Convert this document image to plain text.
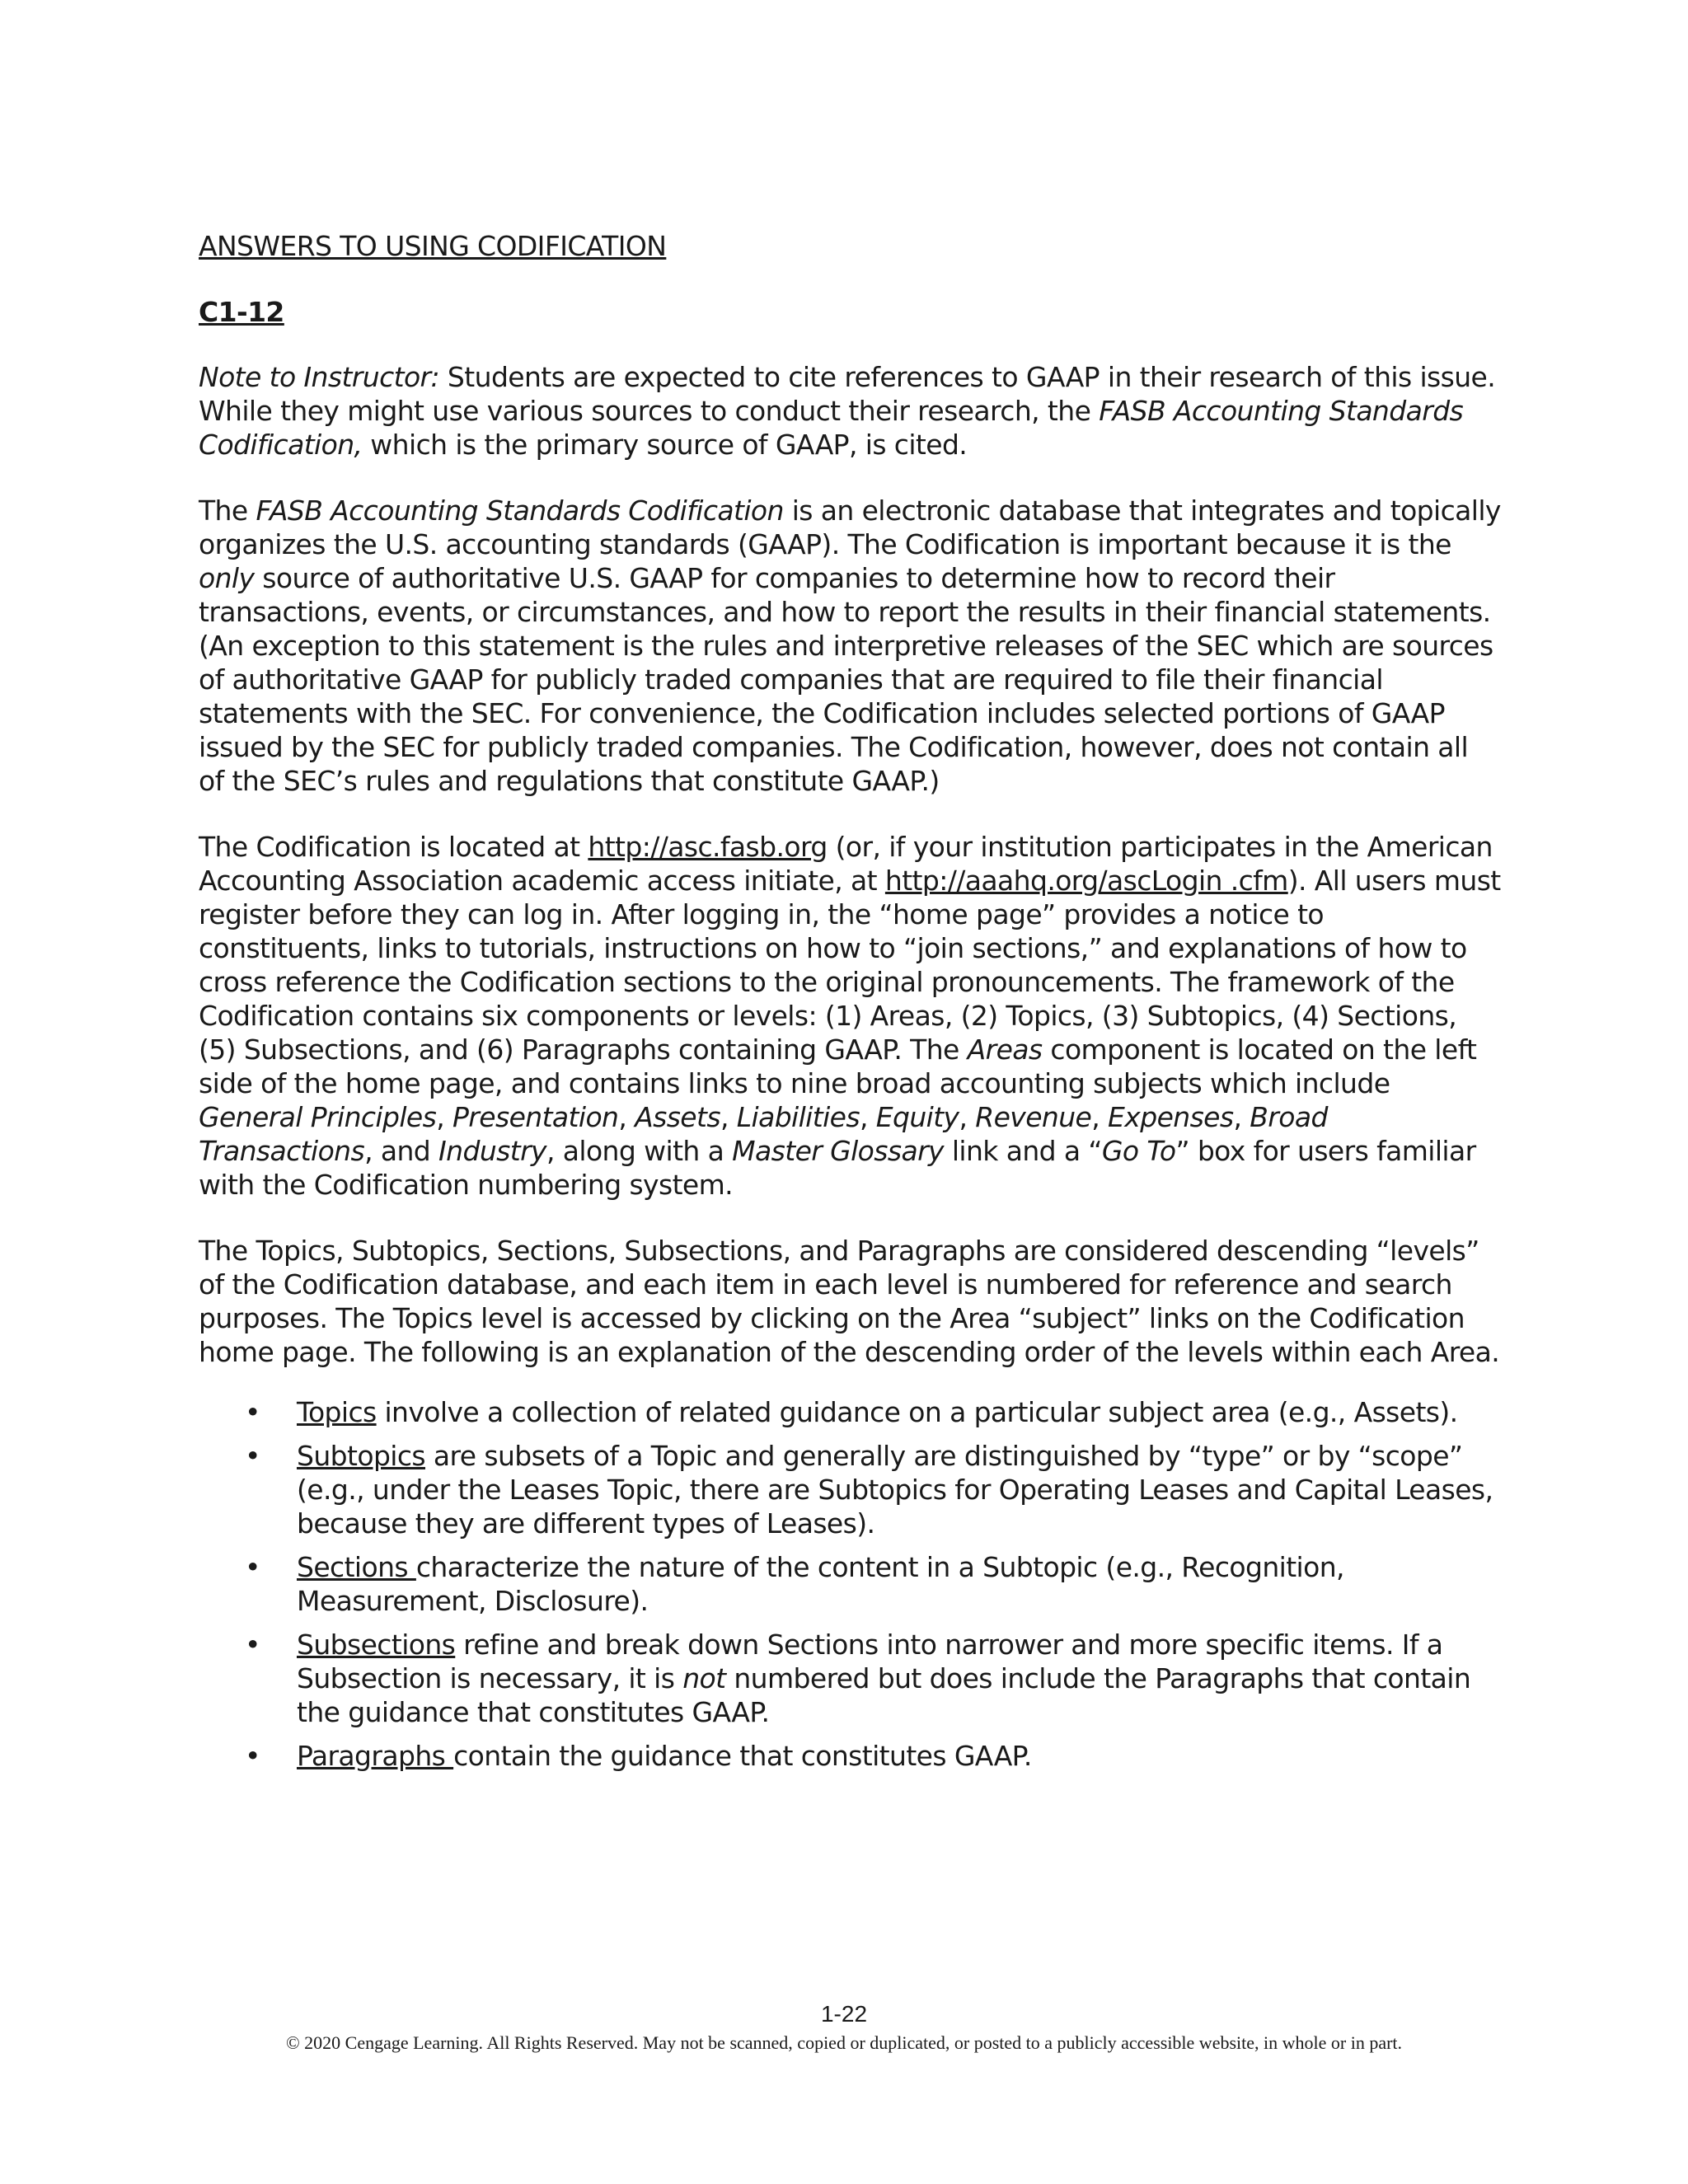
ANSWERS TO USING CODIFICATION

C1-12

Note to Instructor: Students are expected to cite references to GAAP in their research of this issue. While they might use various sources to conduct their research, the FASB Accounting Standards Codification, which is the primary source of GAAP, is cited.

The FASB Accounting Standards Codification is an electronic database that integrates and topically organizes the U.S. accounting standards (GAAP). The Codification is important because it is the only source of authoritative U.S. GAAP for companies to determine how to record their transactions, events, or circumstances, and how to report the results in their financial statements. (An exception to this statement is the rules and interpretive releases of the SEC which are sources of authoritative GAAP for publicly traded companies that are required to file their financial statements with the SEC. For convenience, the Codification includes selected portions of GAAP issued by the SEC for publicly traded companies. The Codification, however, does not contain all of the SEC’s rules and regulations that constitute GAAP.)

The Codification is located at http://asc.fasb.org (or, if your institution participates in the American Accounting Association academic access initiate, at http://aaahq.org/ascLogin .cfm). All users must register before they can log in. After logging in, the “home page” provides a notice to constituents, links to tutorials, instructions on how to “join sections,” and explanations of how to cross reference the Codification sections to the original pronouncements. The framework of the Codification contains six components or levels: (1) Areas, (2) Topics, (3) Subtopics, (4) Sections, (5) Subsections, and (6) Paragraphs containing GAAP. The Areas component is located on the left side of the home page, and contains links to nine broad accounting subjects which include General Principles, Presentation, Assets, Liabilities, Equity, Revenue, Expenses, Broad Transactions, and Industry, along with a Master Glossary link and a “Go To” box for users familiar with the Codification numbering system.

The Topics, Subtopics, Sections, Subsections, and Paragraphs are considered descending “levels” of the Codification database, and each item in each level is numbered for reference and search purposes. The Topics level is accessed by clicking on the Area “subject” links on the Codification home page. The following is an explanation of the descending order of the levels within each Area.

• Topics involve a collection of related guidance on a particular subject area (e.g., Assets).
• Subtopics are subsets of a Topic and generally are distinguished by “type” or by “scope” (e.g., under the Leases Topic, there are Subtopics for Operating Leases and Capital Leases, because they are different types of Leases).
• Sections characterize the nature of the content in a Subtopic (e.g., Recognition, Measurement, Disclosure).
• Subsections refine and break down Sections into narrower and more specific items. If a Subsection is necessary, it is not numbered but does include the Paragraphs that contain the guidance that constitutes GAAP.
• Paragraphs contain the guidance that constitutes GAAP.
1-22
© 2020 Cengage Learning. All Rights Reserved. May not be scanned, copied or duplicated, or posted to a publicly accessible website, in whole or in part.
